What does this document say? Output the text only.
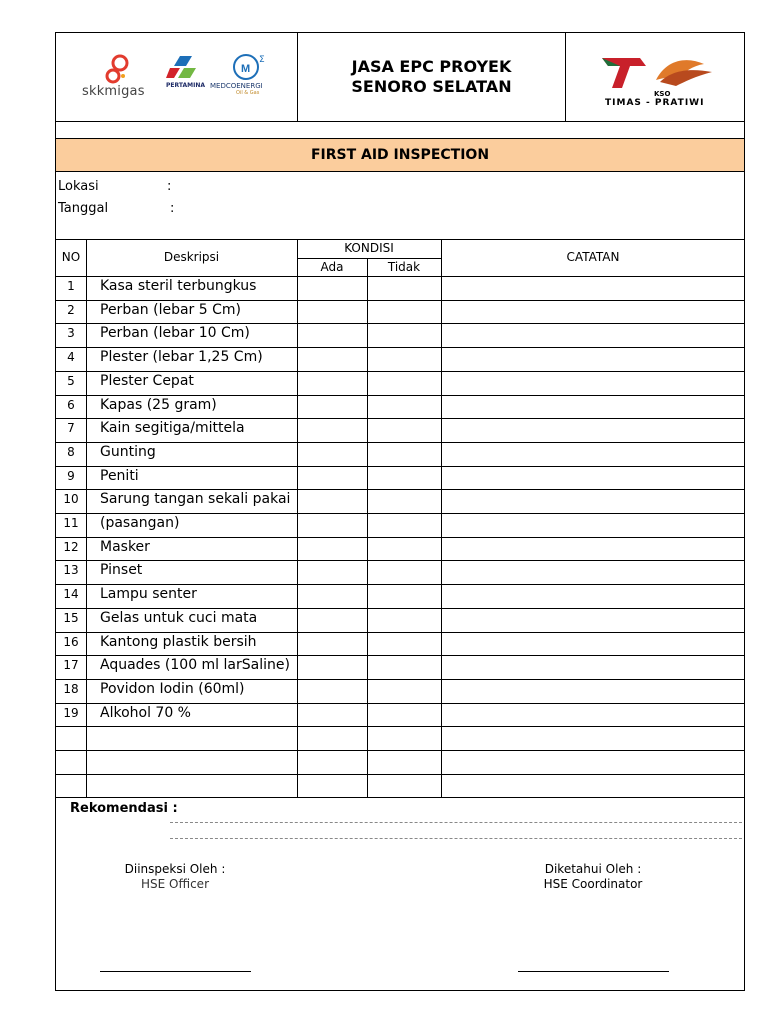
skkmigas	PERTAMINA
M
Σ
MEDCOENERGI
Oil & Gas
JASA EPC PROYEK
SENORO SELATAN	KSO
TIMAS - PRATIWI
FIRST AID INSPECTION
Lokasi	:
Tanggal	:
NO	Deskripsi
KONDISI
Ada	Tidak
CATATAN
1	Kasa steril terbungkus
2	Perban (lebar 5 Cm)
3	Perban (lebar 10 Cm)
4	Plester (lebar 1,25 Cm)
5	Plester Cepat
6	Kapas (25 gram)
7	Kain segitiga/mittela
8	Gunting
9	Peniti
10	Sarung tangan sekali pakai
11	(pasangan)
12	Masker
13	Pinset
14	Lampu senter
15	Gelas untuk cuci mata
16	Kantong plastik bersih
17	Aquades (100 ml larSaline)
18	Povidon Iodin (60ml)
19	Alkohol 70 %
Rekomendasi :
Diinspeksi Oleh :
HSE Officer
Diketahui Oleh :
HSE Coordinator
